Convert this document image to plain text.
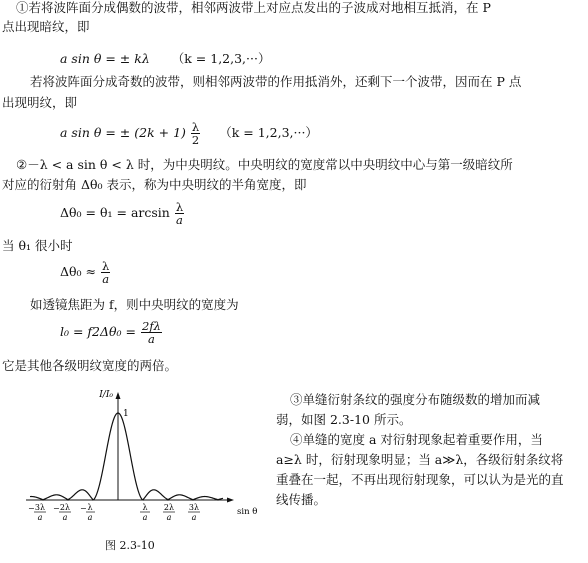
①若将波阵面分成偶数的波带，相邻两波带上对应点发出的子波成对地相互抵消，在 P
点出现暗纹，即
a sin θ = ± kλ （k = 1,2,3,···）
若将波阵面分成奇数的波带，则相邻两波带的作用抵消外，还剩下一个波带，因而在 P 点
出现明纹，即
a sin θ = ± $(2k + 1) \frac{\lambda}{2} (k = 1,2,3,\cdot\cdot\cdot)$
②－λ < a sin θ < λ 时，为中央明纹。中央明纹的宽度常以中央明纹中心与第一级暗纹所
对应的衍射角 Δθ₀ 表示，称为中央明纹的半角宽度，即
$\Delta\theta_0 = \theta_1 = \arcsin \frac{\lambda}{a}$
当 θ₁ 很小时
$\Delta\theta_0 \approx \frac{\lambda}{a}$
如透镜焦距为 f，则中央明纹的宽度为
$l_0 = f2\Delta\theta_0 = \frac{2f\lambda}{a}$
它是其他各级明纹宽度的两倍。
I/I₀
1
sin θ
− 3λ
a
− 2λ
a
− λ
a
λ
a
2λ
a
3λ
a
图 2.3-10
③单缝衍射条纹的强度分布随级数的增加而减
弱，如图 2.3-10 所示。
④单缝的宽度 a 对衍射现象起着重要作用，当
a≥λ 时，衍射现象明显；当 a≫λ，各级衍射条纹将
重叠在一起，不再出现衍射现象，可以认为是光的直
线传播。
